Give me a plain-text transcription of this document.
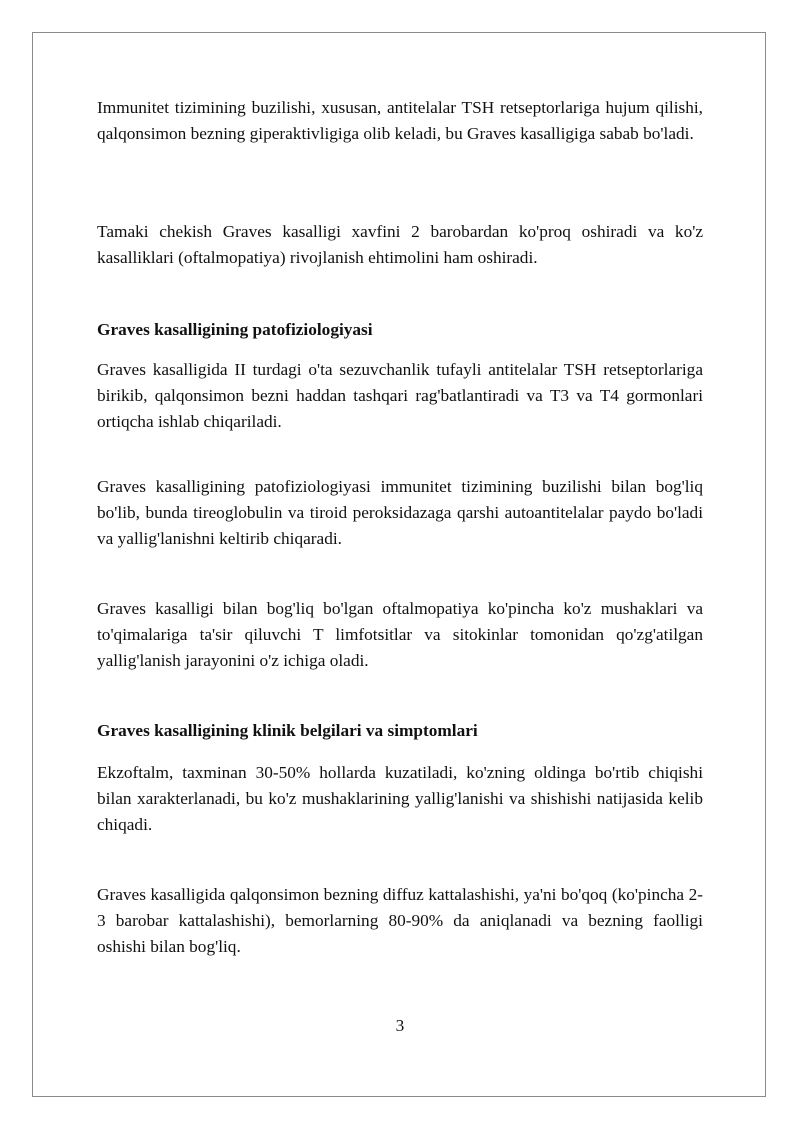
Immunitet tizimining buzilishi, xususan, antitelalar TSH retseptorlariga hujum qilishi, qalqonsimon bezning giperaktivligiga olib keladi, bu Graves kasalligiga sabab bo'ladi.

Tamaki chekish Graves kasalligi xavfini 2 barobardan ko'proq oshiradi va ko'z kasalliklari (oftalmopatiya) rivojlanish ehtimolini ham oshiradi.

Graves kasalligining patofiziologiyasi

Graves kasalligida II turdagi o'ta sezuvchanlik tufayli antitelalar TSH retseptorlariga birikib, qalqonsimon bezni haddan tashqari rag'batlantiradi va T3 va T4 gormonlari ortiqcha ishlab chiqariladi.

Graves kasalligining patofiziologiyasi immunitet tizimining buzilishi bilan bog'liq bo'lib, bunda tireoglobulin va tiroid peroksidazaga qarshi autoantitelalar paydo bo'ladi va yallig'lanishni keltirib chiqaradi.

Graves kasalligi bilan bog'liq bo'lgan oftalmopatiya ko'pincha ko'z mushaklari va to'qimalariga ta'sir qiluvchi T limfotsitlar va sitokinlar tomonidan qo'zg'atilgan yallig'lanish jarayonini o'z ichiga oladi.

Graves kasalligining klinik belgilari va simptomlari

Ekzoftalm, taxminan 30-50% hollarda kuzatiladi, ko'zning oldinga bo'rtib chiqishi bilan xarakterlanadi, bu ko'z mushaklarining yallig'lanishi va shishishi natijasida kelib chiqadi.

Graves kasalligida qalqonsimon bezning diffuz kattalashishi, ya'ni bo'qoq (ko'pincha 2-3 barobar kattalashishi), bemorlarning 80-90% da aniqlanadi va bezning faolligi oshishi bilan bog'liq.

3
